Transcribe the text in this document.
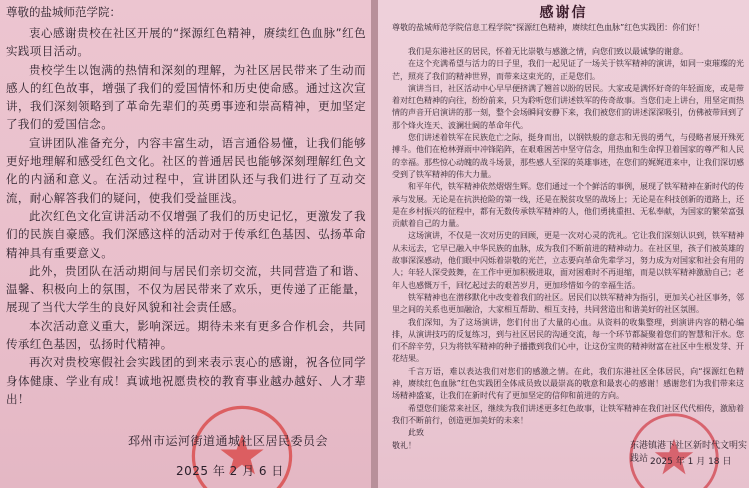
尊敬的盐城师范学院：

衷心感谢贵校在社区开展的“探源红色精神，赓续红色血脉”红色实践项目活动。

贵校学生以饱满的热情和深刻的理解，为社区居民带来了生动而感人的红色故事，增强了我们的爱国情怀和历史使命感。通过这次宣讲，我们深刻领略到了革命先辈们的英勇事迹和崇高精神，更加坚定了我们的爱国信念。

宣讲团队准备充分，内容丰富生动，语言通俗易懂，让我们能够更好地理解和感受红色文化。社区的普通居民也能够深刻理解红色文化的内涵和意义。在活动过程中，宣讲团队还与我们进行了互动交流，耐心解答我们的疑问，使我们受益匪浅。

此次红色文化宣讲活动不仅增强了我们的历史记忆，更激发了我们的民族自豪感。我们深感这样的活动对于传承红色基因、弘扬革命精神具有重要意义。

此外，贵团队在活动期间与居民们亲切交流，共同营造了和谐、温馨、积极向上的氛围，不仅为居民带来了欢乐，更传递了正能量，展现了当代大学生的良好风貌和社会责任感。

本次活动意义重大，影响深远。期待未来有更多合作机会，共同传承红色基因，弘扬时代精神。

再次对贵校寒假社会实践团的到来表示衷心的感谢，祝各位同学身体健康、学业有成！真诚地祝愿贵校的教育事业越办越好、人才辈出！

邳州市运河街道通城社区居民委员会
2025 年 2 月 6 日
感谢信
尊敬的盐城师范学院信息工程学院“探源红色精神，赓续红色血脉”红色实践团：你们好！

我们是东港社区的居民，怀着无比崇敬与感激之情，向您们致以最诚挚的谢意。

在这个充满希望与活力的日子里，我们一起见证了一场关于铁军精神的演讲，如同一束璀璨的光芒，照亮了我们的精神世界，而带来这束光的，正是您们。

演讲当日，社区活动中心早早便挤满了翘首以盼的居民。大家或是满怀好奇的年轻面庞，或是带着对红色精神的向往，纷纷前来，只为聆听您们讲述铁军的传奇故事。当您们走上讲台，用坚定而热情的声音开启演讲的那一刻，整个会场瞬间安静下来，我们被您们的讲述深深吸引，仿佛被带回到了那个烽火连天、波澜壮阔的革命年代。

您们讲述着铁军在民族危亡之际，挺身而出，以钢铁般的意志和无畏的勇气，与侵略者展开殊死搏斗。他们在枪林弹雨中冲锋陷阵，在艰难困苦中坚守信念，用热血和生命捍卫着国家的尊严和人民的幸福。那些惊心动魄的战斗场景，那些感人至深的英雄事迹，在您们的娓娓道来中，让我们深切感受到了铁军精神的伟大力量。

和平年代，铁军精神依然熠熠生辉。您们通过一个个鲜活的事例，展现了铁军精神在新时代的传承与发展。无论是在抗洪抢险的第一线，还是在脱贫攻坚的战场上；无论是在科技创新的道路上，还是在乡村振兴的征程中，都有无数传承铁军精神的人，他们勇挑重担、无私奉献，为国家的繁荣富强贡献着自己的力量。

这场演讲，不仅是一次对历史的回顾，更是一次对心灵的洗礼。它让我们深刻认识到，铁军精神从未远去，它早已融入中华民族的血脉，成为我们不断前进的精神动力。在社区里，孩子们被英雄的故事深深感动，他们眼中闪烁着崇敬的光芒，立志要向革命先辈学习，努力成为对国家和社会有用的人；年轻人深受鼓舞，在工作中更加积极进取，面对困难时不再退缩，而是以铁军精神激励自己；老年人也感慨万千，回忆起过去的艰苦岁月，更加珍惜如今的幸福生活。

铁军精神也在潜移默化中改变着我们的社区。居民们以铁军精神为指引，更加关心社区事务，邻里之间的关系也更加融洽，大家相互帮助、相互支持，共同营造出和谐美好的社区氛围。

我们深知，为了这场演讲，您们付出了大量的心血。从资料的收集整理，到演讲内容的精心编排，从演讲技巧的反复练习，到与社区居民的沟通交流，每一个环节都凝聚着您们的智慧和汗水。您们不辞辛劳，只为将铁军精神的种子播撒到我们心中，让这份宝贵的精神财富在社区中生根发芽、开花结果。

千言万语，难以表达我们对您们的感激之情。在此，我们东港社区全体居民，向“探源红色精神，赓续红色血脉”红色实践团全体成员致以最崇高的敬意和最衷心的感谢！感谢您们为我们带来这场精神盛宴，让我们在新时代有了更加坚定的信仰和前进的方向。

希望您们能常来社区，继续为我们讲述更多红色故事，让铁军精神在我们社区代代相传，激励着我们不断前行，创造更加美好的未来！

此致

敬礼！	东港镇港下社区新时代文明实践站 2025 年 1 月 18 日
